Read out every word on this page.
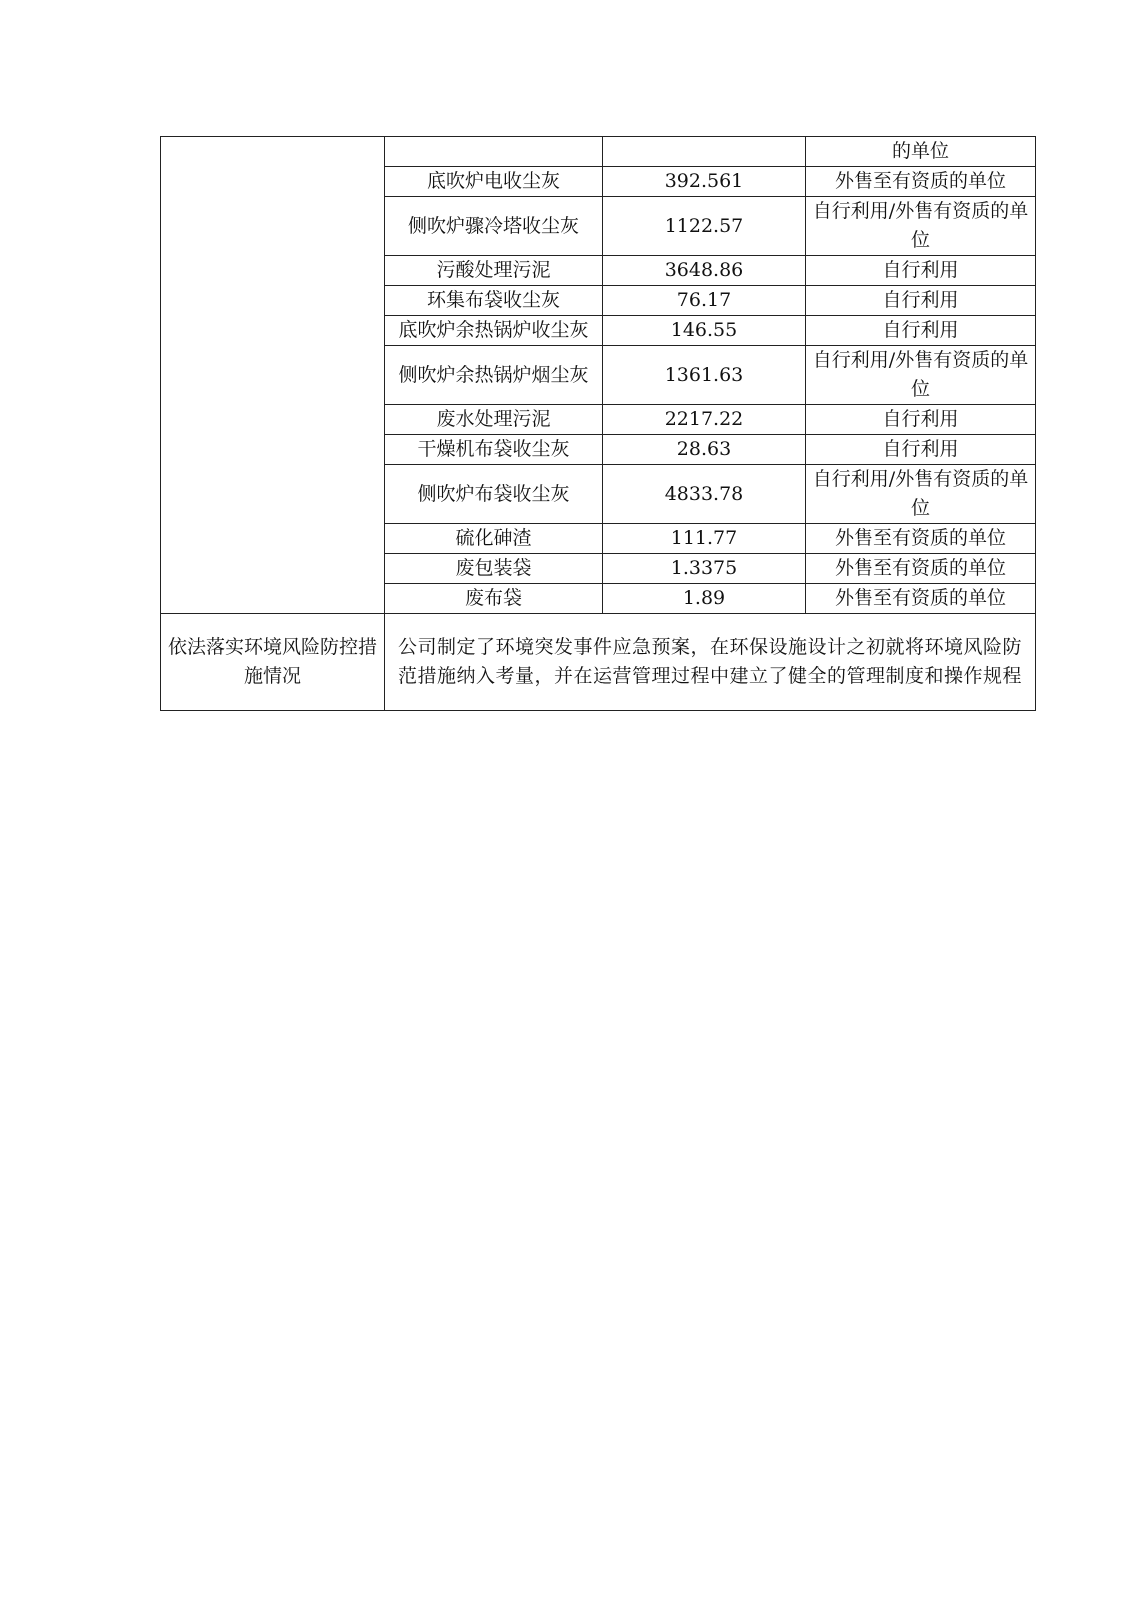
			的单位
	底吹炉电收尘灰	392.561	外售至有资质的单位
	侧吹炉骤冷塔收尘灰	1122.57	自行利用/外售有资质的单位
	污酸处理污泥	3648.86	自行利用
	环集布袋收尘灰	76.17	自行利用
	底吹炉余热锅炉收尘灰	146.55	自行利用
	侧吹炉余热锅炉烟尘灰	1361.63	自行利用/外售有资质的单位
	废水处理污泥	2217.22	自行利用
	干燥机布袋收尘灰	28.63	自行利用
	侧吹炉布袋收尘灰	4833.78	自行利用/外售有资质的单位
	硫化砷渣	111.77	外售至有资质的单位
	废包装袋	1.3375	外售至有资质的单位
	废布袋	1.89	外售至有资质的单位
依法落实环境风险防控措施情况	公司制定了环境突发事件应急预案，在环保设施设计之初就将环境风险防范措施纳入考量，并在运营管理过程中建立了健全的管理制度和操作规程		
